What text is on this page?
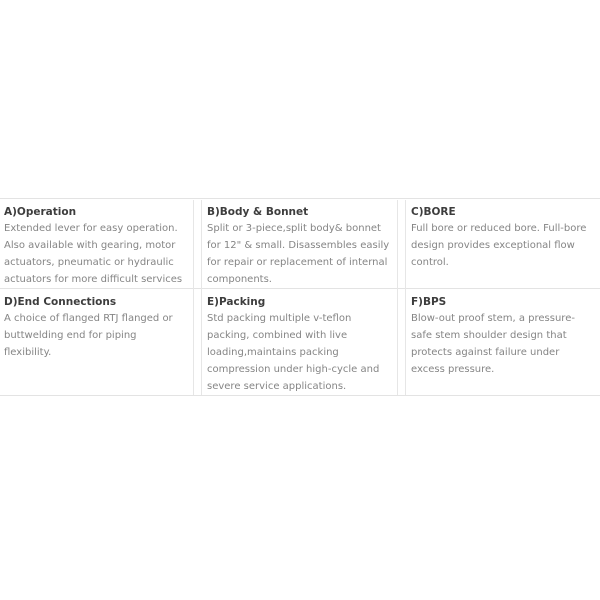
A)Operation
Extended lever for easy operation.
Also available with gearing, motor
actuators, pneumatic or hydraulic
actuators for more difficult services
B)Body & Bonnet
Split or 3-piece,split body& bonnet
for 12" & small. Disassembles easily
for repair or replacement of internal
components.
C)BORE
Full bore or reduced bore. Full-bore
design provides exceptional flow
control.
D)End Connections
A choice of flanged RTJ flanged or
buttwelding end for piping
flexibility.
E)Packing
Std packing multiple v-teflon
packing, combined with live
loading,maintains packing
compression under high-cycle and
severe service applications.
F)BPS
Blow-out proof stem, a pressure-
safe stem shoulder design that
protects against failure under
excess pressure.
